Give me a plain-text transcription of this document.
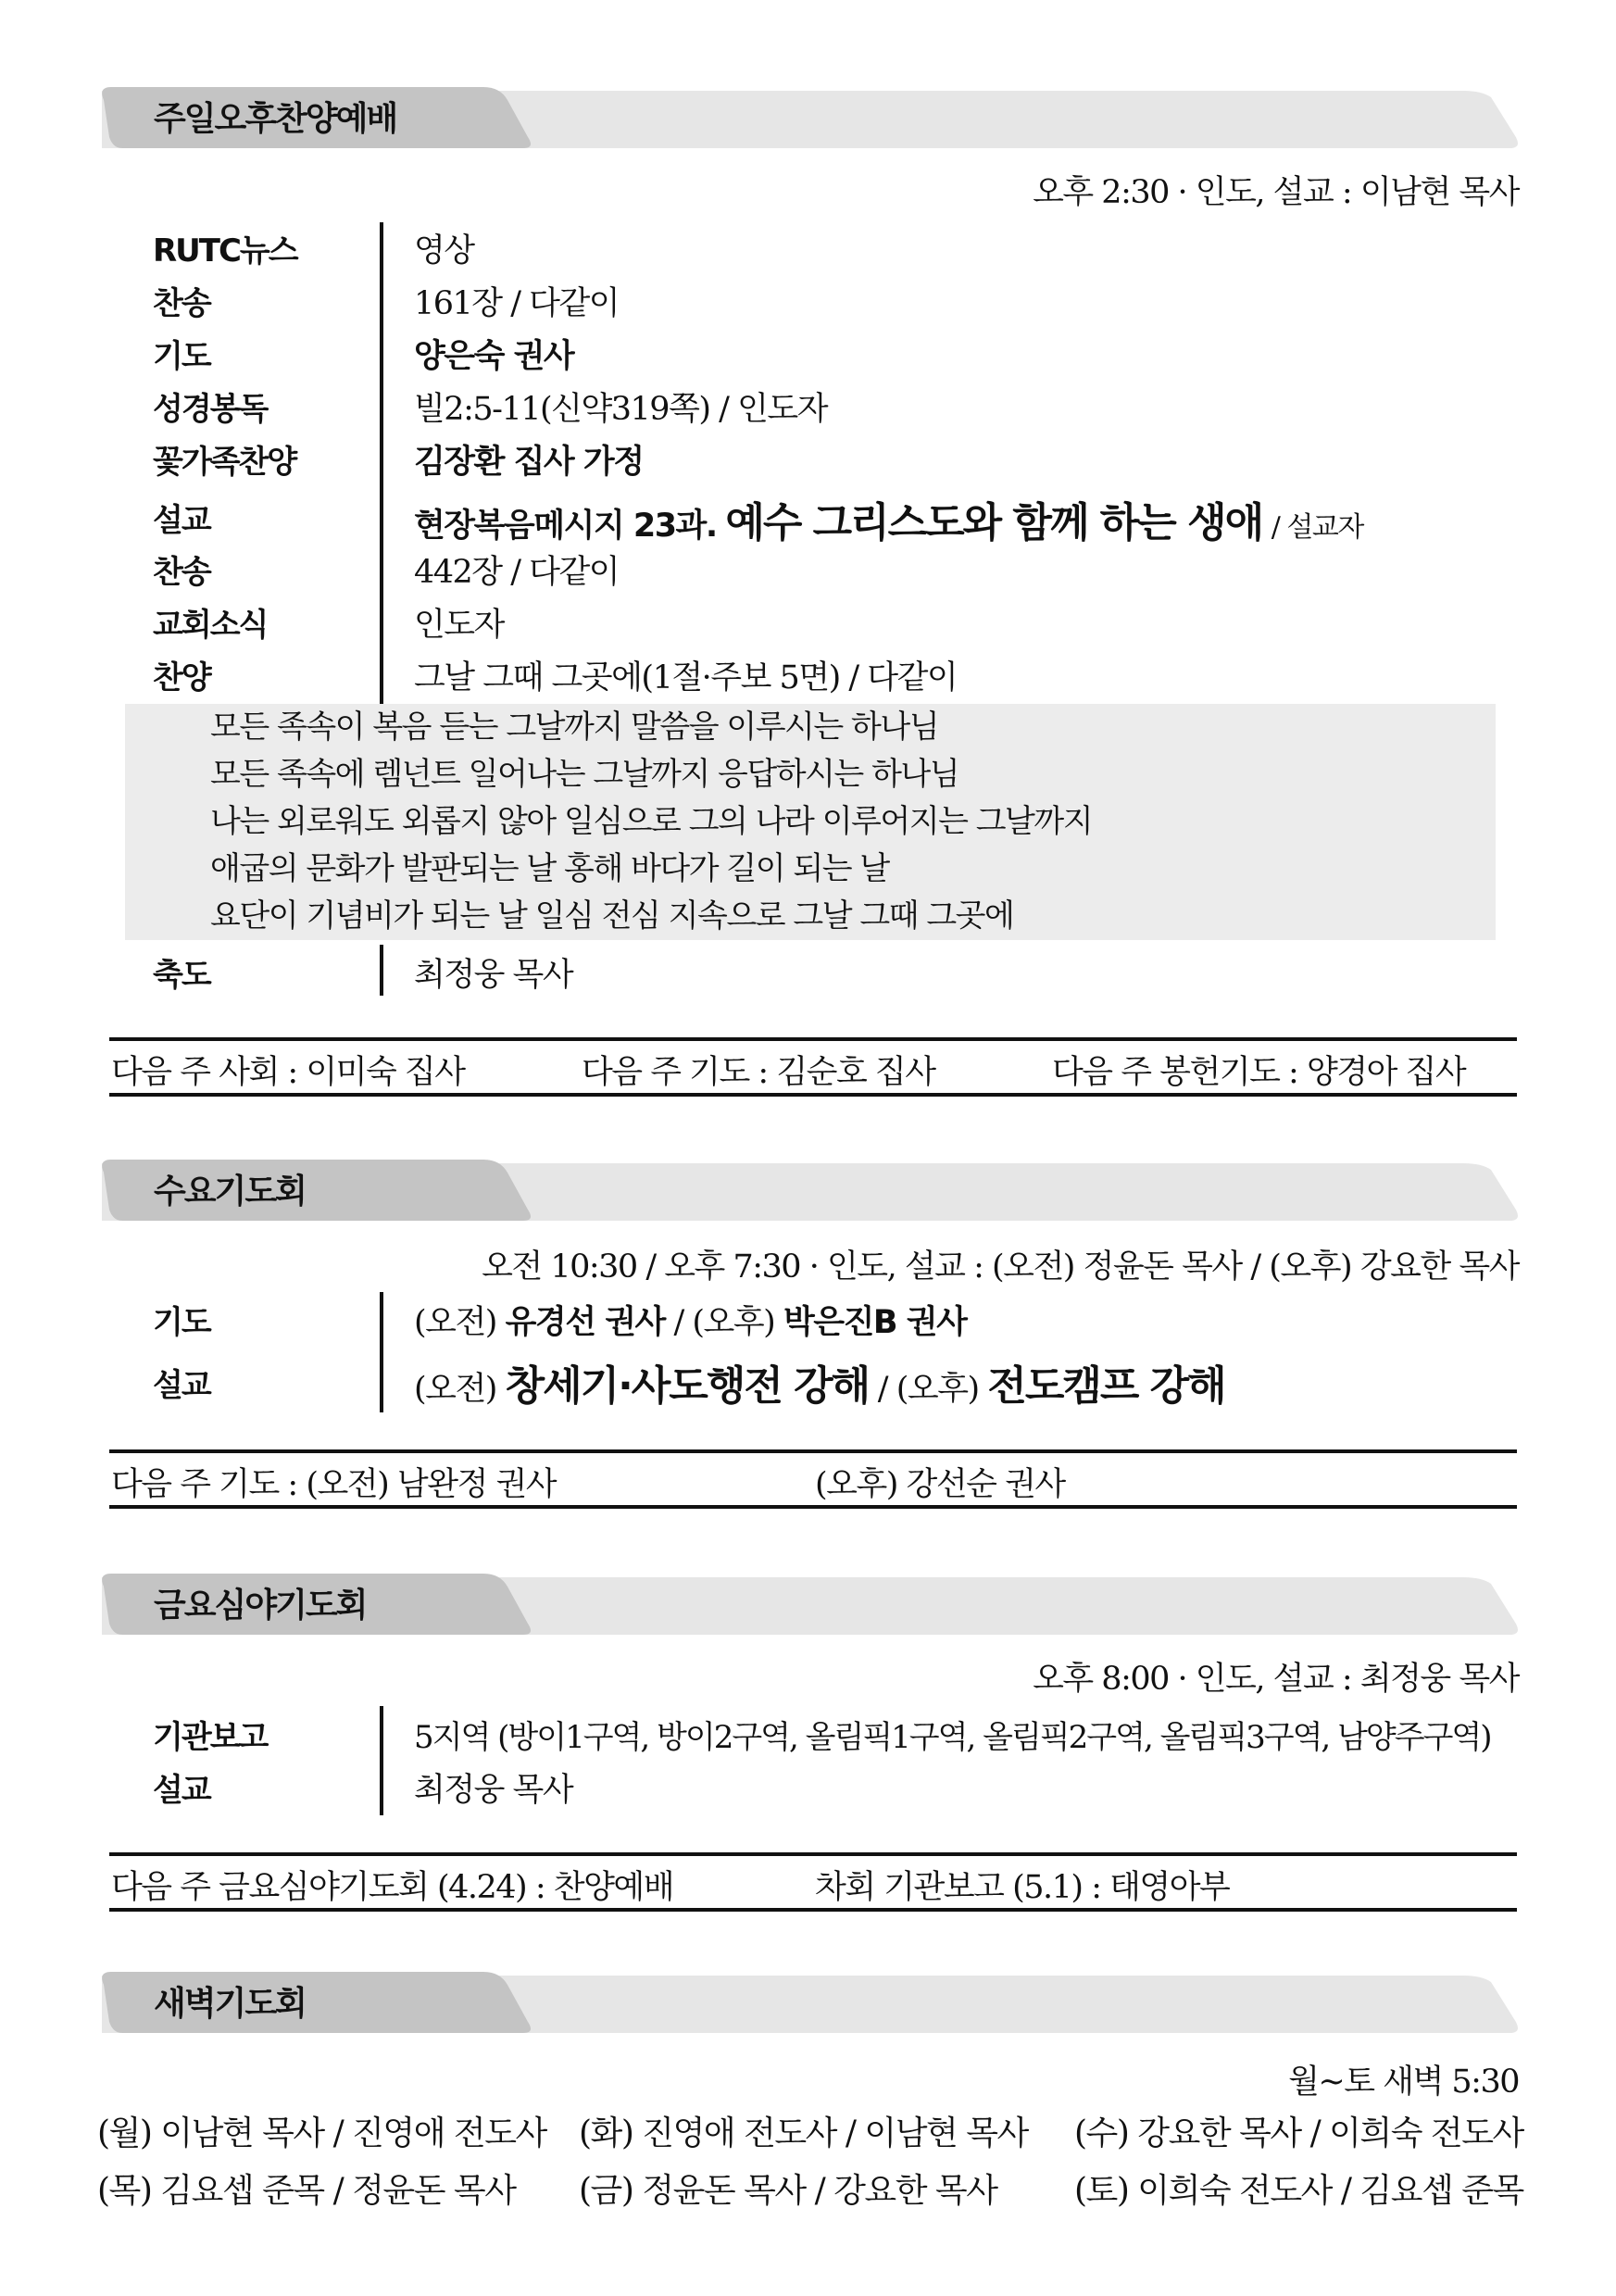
주일오후찬양예배
오후 2:30 · 인도, 설교 : 이남현 목사
RUTC뉴스	영상
찬송	161장 / 다같이
기도	양은숙 권사
성경봉독	빌2:5-11(신약319쪽) / 인도자
꽃가족찬양	김장환 집사 가정
설교	현장복음메시지 23과. 예수 그리스도와 함께 하는 생애 / 설교자
찬송	442장 / 다같이
교회소식	인도자
찬양	그날 그때 그곳에(1절·주보 5면) / 다같이
모든 족속이 복음 듣는 그날까지 말씀을 이루시는 하나님
모든 족속에 렘넌트 일어나는 그날까지 응답하시는 하나님
나는 외로워도 외롭지 않아 일심으로 그의 나라 이루어지는 그날까지
애굽의 문화가 발판되는 날 홍해 바다가 길이 되는 날
요단이 기념비가 되는 날 일심 전심 지속으로 그날 그때 그곳에
축도	최정웅 목사
다음 주 사회 : 이미숙 집사	다음 주 기도 : 김순호 집사	다음 주 봉헌기도 : 양경아 집사
수요기도회
오전 10:30 / 오후 7:30 · 인도, 설교 : (오전) 정윤돈 목사 / (오후) 강요한 목사
기도	(오전) 유경선 권사 / (오후) 박은진B 권사
설교	(오전) 창세기·사도행전 강해 / (오후) 전도캠프 강해
다음 주 기도 : (오전) 남완정 권사	(오후) 강선순 권사
금요심야기도회
오후 8:00 · 인도, 설교 : 최정웅 목사
기관보고	5지역 (방이1구역, 방이2구역, 올림픽1구역, 올림픽2구역, 올림픽3구역, 남양주구역)
설교	최정웅 목사
다음 주 금요심야기도회 (4.24) : 찬양예배	차회 기관보고 (5.1) : 태영아부
새벽기도회
월~토 새벽 5:30
(월) 이남현 목사 / 진영애 전도사 (화) 진영애 전도사 / 이남현 목사 (수) 강요한 목사 / 이희숙 전도사
(목) 김요셉 준목 / 정윤돈 목사 (금) 정윤돈 목사 / 강요한 목사 (토) 이희숙 전도사 / 김요셉 준목
